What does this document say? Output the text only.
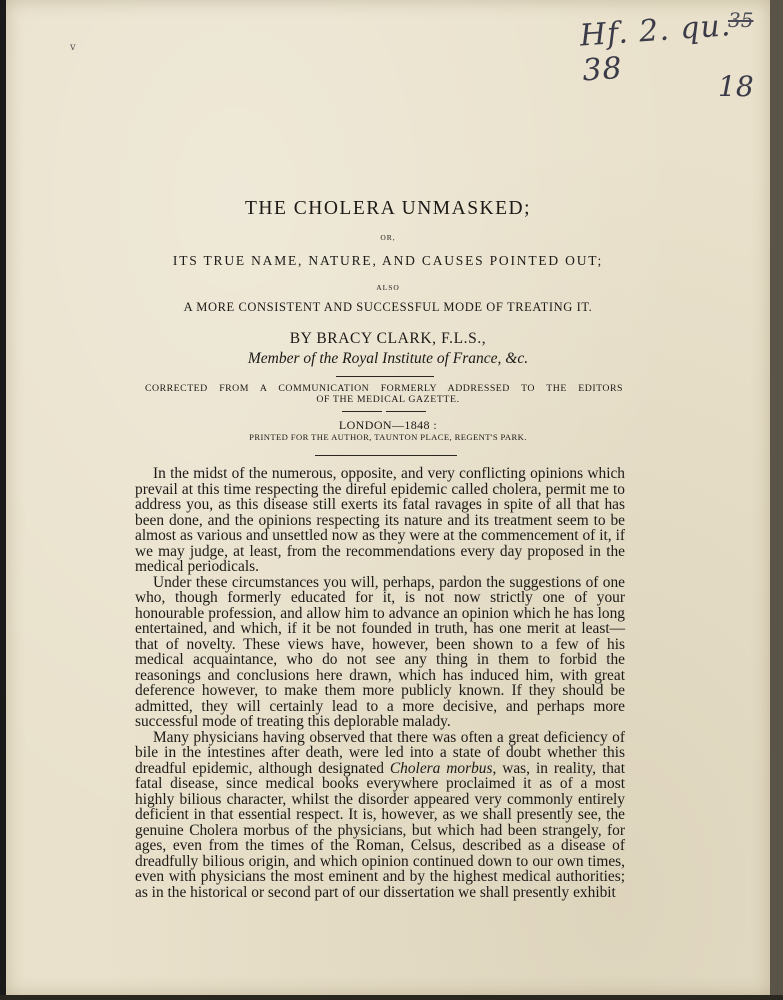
v	Hf. 2. qu. 38
35
18
THE CHOLERA UNMASKED;
OR,
ITS TRUE NAME, NATURE, AND CAUSES POINTED OUT;
ALSO
A MORE CONSISTENT AND SUCCESSFUL MODE OF TREATING IT.
BY BRACY CLARK, F.L.S.,
Member of the Royal Institute of France, &c.
CORRECTED FROM A COMMUNICATION FORMERLY ADDRESSED TO THE EDITORS
OF THE MEDICAL GAZETTE.
LONDON—1848 :
PRINTED FOR THE AUTHOR, TAUNTON PLACE, REGENT'S PARK.

In the midst of the numerous, opposite, and very conflicting opinions which prevail at this time respecting the direful epidemic called cholera, permit me to address you, as this disease still exerts its fatal ravages in spite of all that has been done, and the opinions respecting its nature and its treatment seem to be almost as various and unsettled now as they were at the commencement of it, if we may judge, at least, from the recommendations every day proposed in the medical periodicals.

Under these circumstances you will, perhaps, pardon the suggestions of one who, though formerly educated for it, is not now strictly one of your honourable profession, and allow him to advance an opinion which he has long entertained, and which, if it be not founded in truth, has one merit at least—that of novelty. These views have, however, been shown to a few of his medical acquaintance, who do not see any thing in them to forbid the reasonings and conclusions here drawn, which has induced him, with great deference however, to make them more publicly known. If they should be admitted, they will certainly lead to a more decisive, and perhaps more successful mode of treating this deplorable malady.

Many physicians having observed that there was often a great deficiency of bile in the intestines after death, were led into a state of doubt whether this dreadful epidemic, although designated Cholera morbus, was, in reality, that fatal disease, since medical books everywhere proclaimed it as of a most highly bilious character, whilst the disorder appeared very commonly entirely deficient in that essential respect. It is, however, as we shall presently see, the genuine Cholera morbus of the physicians, but which had been strangely, for ages, even from the times of the Roman, Celsus, described as a disease of dreadfully bilious origin, and which opinion continued down to our own times, even with physicians the most eminent and by the highest medical authorities; as in the historical or second part of our dissertation we shall presently exhibit
